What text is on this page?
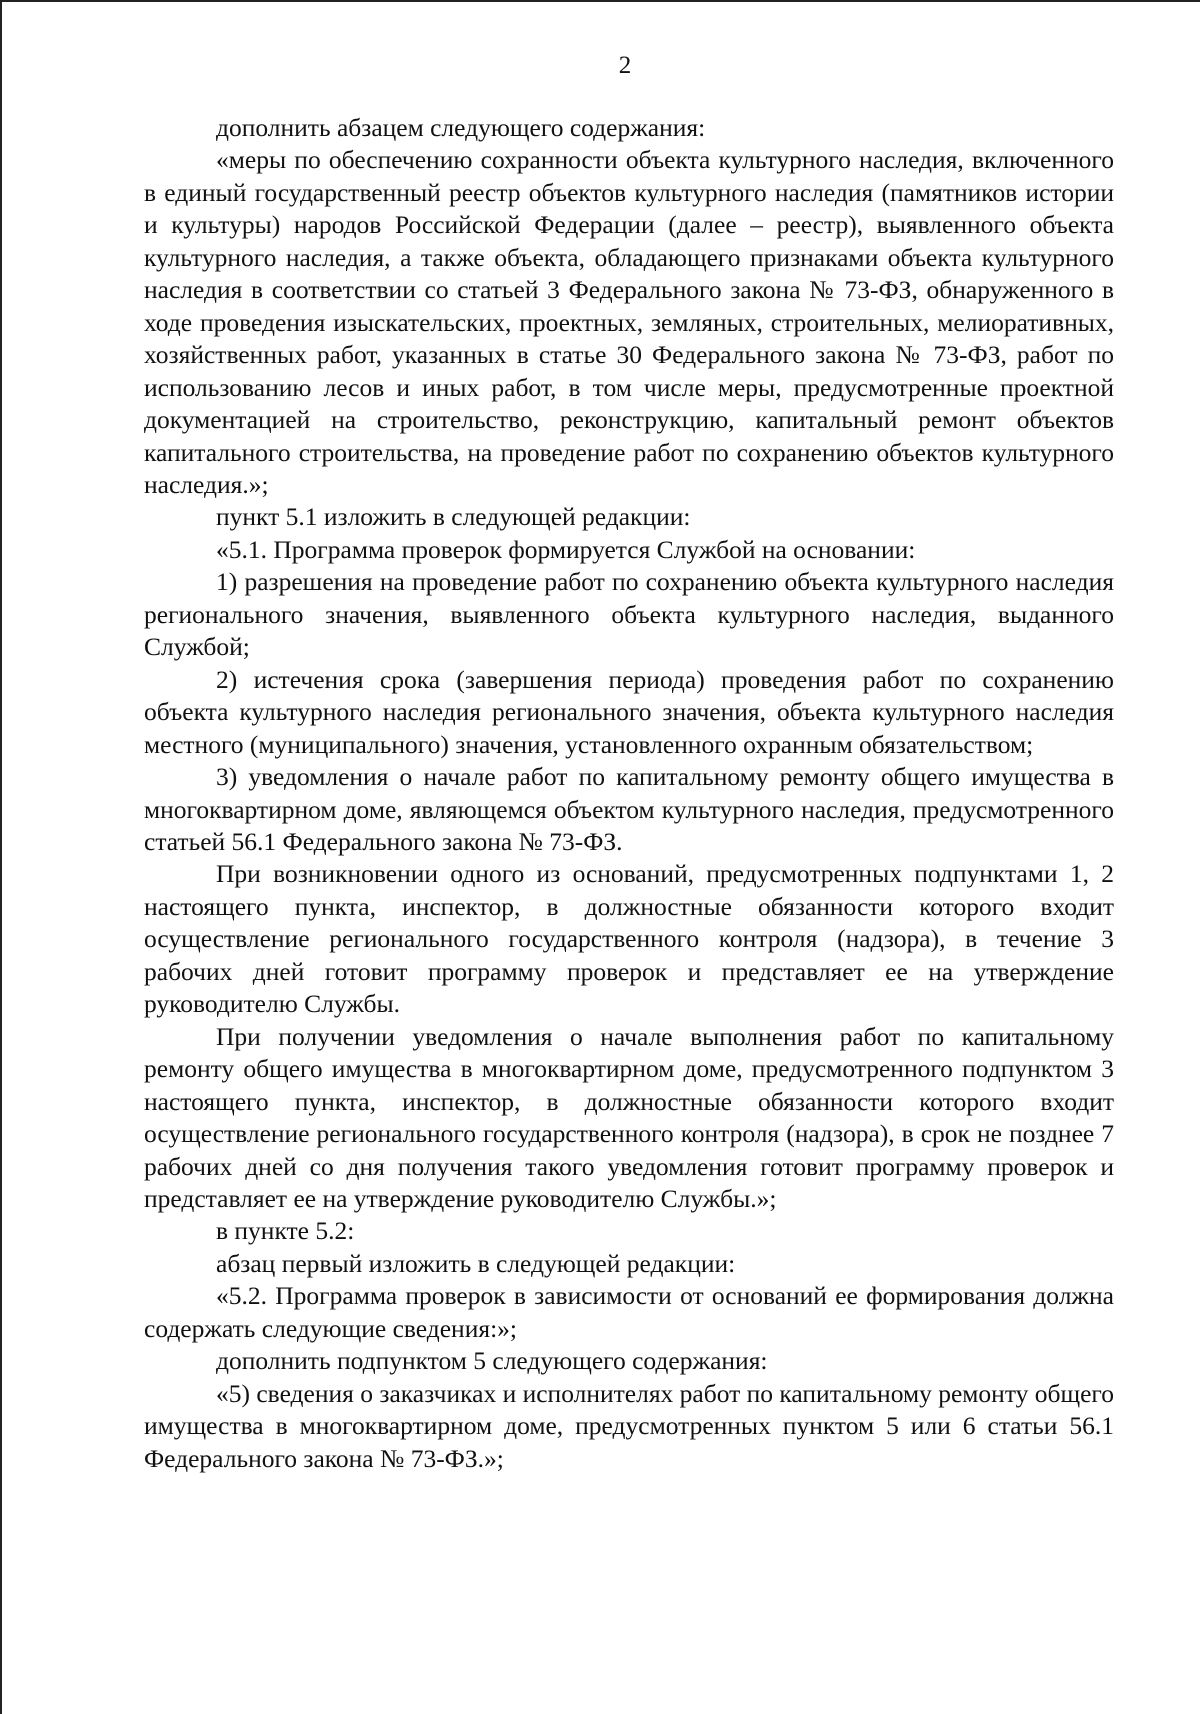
2

дополнить абзацем следующего содержания:

«меры по обеспечению сохранности объекта культурного наследия, включенного в единый государственный реестр объектов культурного наследия (памятников истории и культуры) народов Российской Федерации (далее – реестр), выявленного объекта культурного наследия, а также объекта, обладающего признаками объекта культурного наследия в соответствии со статьей 3 Федерального закона № 73-ФЗ, обнаруженного в ходе проведения изыскательских, проектных, земляных, строительных, мелиоративных, хозяйственных работ, указанных в статье 30 Федерального закона № 73-ФЗ, работ по использованию лесов и иных работ, в том числе меры, предусмотренные проектной документацией на строительство, реконструкцию, капитальный ремонт объектов капитального строительства, на проведение работ по сохранению объектов культурного наследия.»;

пункт 5.1 изложить в следующей редакции:

«5.1. Программа проверок формируется Службой на основании:

1) разрешения на проведение работ по сохранению объекта культурного наследия регионального значения, выявленного объекта культурного наследия, выданного Службой;

2) истечения срока (завершения периода) проведения работ по сохранению объекта культурного наследия регионального значения, объекта культурного наследия местного (муниципального) значения, установленного охранным обязательством;

3) уведомления о начале работ по капитальному ремонту общего имущества в многоквартирном доме, являющемся объектом культурного наследия, предусмотренного статьей 56.1 Федерального закона № 73-ФЗ.

При возникновении одного из оснований, предусмотренных подпунктами 1, 2 настоящего пункта, инспектор, в должностные обязанности которого входит осуществление регионального государственного контроля (надзора), в течение 3 рабочих дней готовит программу проверок и представляет ее на утверждение руководителю Службы.

При получении уведомления о начале выполнения работ по капитальному ремонту общего имущества в многоквартирном доме, предусмотренного подпунктом 3 настоящего пункта, инспектор, в должностные обязанности которого входит осуществление регионального государственного контроля (надзора), в срок не позднее 7 рабочих дней со дня получения такого уведомления готовит программу проверок и представляет ее на утверждение руководителю Службы.»;

в пункте 5.2:

абзац первый изложить в следующей редакции:

«5.2. Программа проверок в зависимости от оснований ее формирования должна содержать следующие сведения:»;

дополнить подпунктом 5 следующего содержания:

«5) сведения о заказчиках и исполнителях работ по капитальному ремонту общего имущества в многоквартирном доме, предусмотренных пунктом 5 или 6 статьи 56.1 Федерального закона № 73-ФЗ.»;
